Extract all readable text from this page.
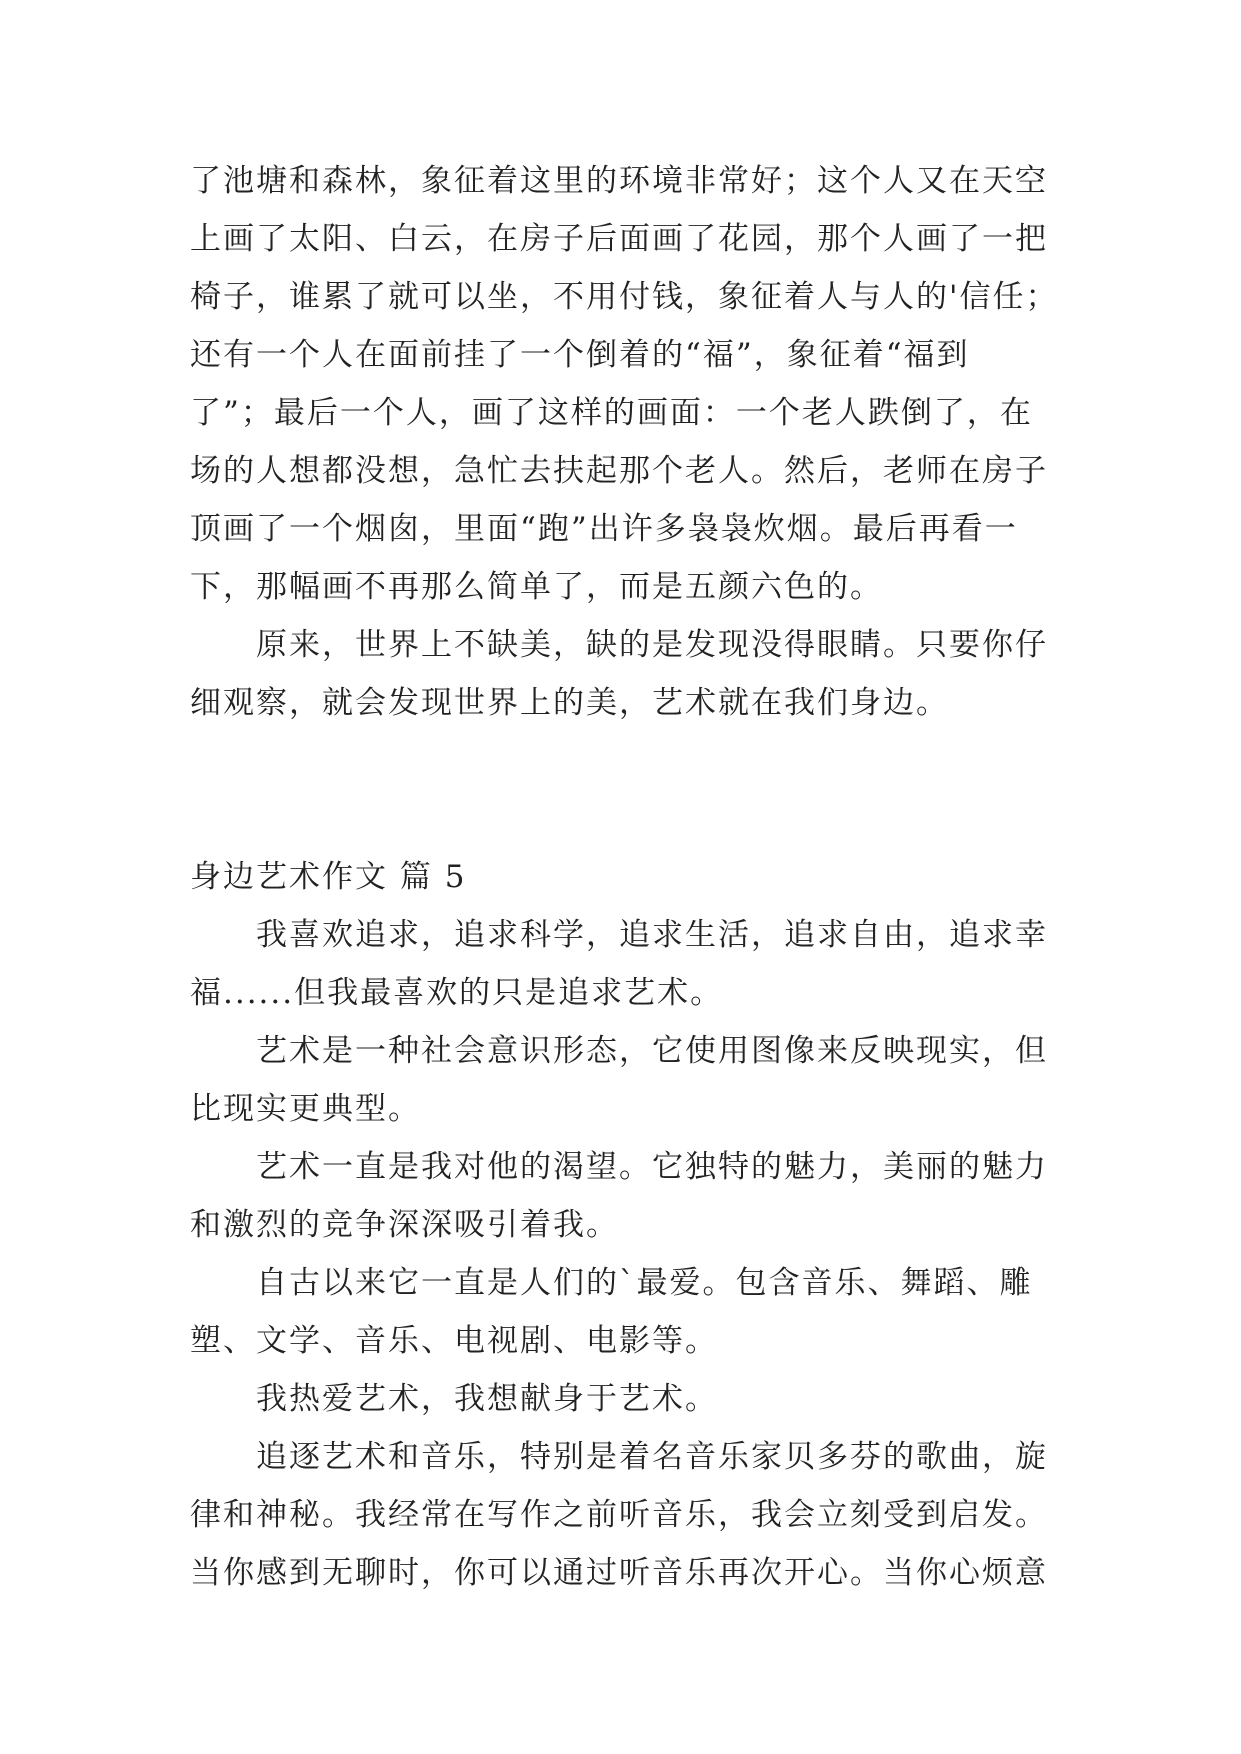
了池塘和森林，象征着这里的环境非常好；这个人又在天空
上画了太阳、白云，在房子后面画了花园，那个人画了一把
椅子，谁累了就可以坐，不用付钱，象征着人与人的'信任；
还有一个人在面前挂了一个倒着的“福”，象征着“福到
了”；最后一个人，画了这样的画面：一个老人跌倒了，在
场的人想都没想，急忙去扶起那个老人。然后，老师在房子
顶画了一个烟囱，里面“跑”出许多袅袅炊烟。最后再看一
下，那幅画不再那么简单了，而是五颜六色的。
原来，世界上不缺美，缺的是发现没得眼睛。只要你仔
细观察，就会发现世界上的美，艺术就在我们身边。
身边艺术作文 篇 5
我喜欢追求，追求科学，追求生活，追求自由，追求幸
福......但我最喜欢的只是追求艺术。
艺术是一种社会意识形态，它使用图像来反映现实，但
比现实更典型。
艺术一直是我对他的渴望。它独特的魅力，美丽的魅力
和激烈的竞争深深吸引着我。
自古以来它一直是人们的`最爱。包含音乐、舞蹈、雕
塑、文学、音乐、电视剧、电影等。
我热爱艺术，我想献身于艺术。
追逐艺术和音乐，特别是着名音乐家贝多芬的歌曲，旋
律和神秘。我经常在写作之前听音乐，我会立刻受到启发。
当你感到无聊时，你可以通过听音乐再次开心。当你心烦意
